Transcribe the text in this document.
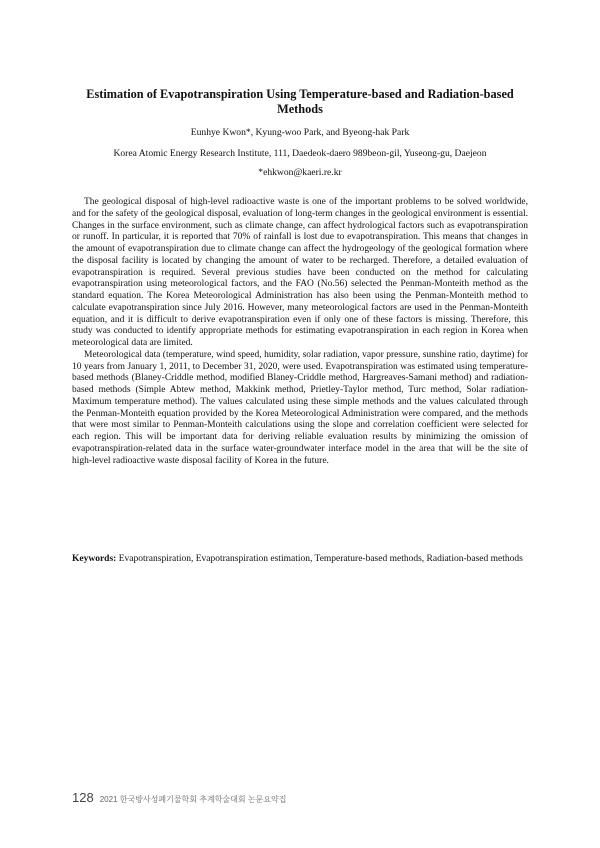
Estimation of Evapotranspiration Using Temperature-based and Radiation-based Methods
Eunhye Kwon*, Kyung-woo Park, and Byeong-hak Park
Korea Atomic Energy Research Institute, 111, Daedeok-daero 989beon-gil, Yuseong-gu, Daejeon
*ehkwon@kaeri.re.kr

The geological disposal of high-level radioactive waste is one of the important problems to be solved worldwide, and for the safety of the geological disposal, evaluation of long-term changes in the geological environment is essential. Changes in the surface environment, such as climate change, can affect hydrological factors such as evapotranspiration or runoff. In particular, it is reported that 70% of rainfall is lost due to evapotranspiration. This means that changes in the amount of evapotranspiration due to climate change can affect the hydrogeology of the geological formation where the disposal facility is located by changing the amount of water to be recharged. Therefore, a detailed evaluation of evapotranspiration is required. Several previous studies have been conducted on the method for calculating evapotranspiration using meteorological factors, and the FAO (No.56) selected the Penman-Monteith method as the standard equation. The Korea Meteorological Administration has also been using the Penman-Monteith method to calculate evapotranspiration since July 2016. However, many meteorological factors are used in the Penman-Monteith equation, and it is difficult to derive evapotranspiration even if only one of these factors is missing. Therefore, this study was conducted to identify appropriate methods for estimating evapotranspiration in each region in Korea when meteorological data are limited.

Meteorological data (temperature, wind speed, humidity, solar radiation, vapor pressure, sunshine ratio, daytime) for 10 years from January 1, 2011, to December 31, 2020, were used. Evapotranspiration was estimated using temperature-based methods (Blaney-Criddle method, modified Blaney-Criddle method, Hargreaves-Samani method) and radiation-based methods (Simple Abtew method, Makkink method, Prietley-Taylor method, Turc method, Solar radiation-Maximum temperature method). The values calculated using these simple methods and the values calculated through the Penman-Monteith equation provided by the Korea Meteorological Administration were compared, and the methods that were most similar to Penman-Monteith calculations using the slope and correlation coefficient were selected for each region. This will be important data for deriving reliable evaluation results by minimizing the omission of evapotranspiration-related data in the surface water-groundwater interface model in the area that will be the site of high-level radioactive waste disposal facility of Korea in the future.

Keywords: Evapotranspiration, Evapotranspiration estimation, Temperature-based methods, Radiation-based methods
128 2021 한국방사성폐기물학회 추계학술대회 논문요약집
